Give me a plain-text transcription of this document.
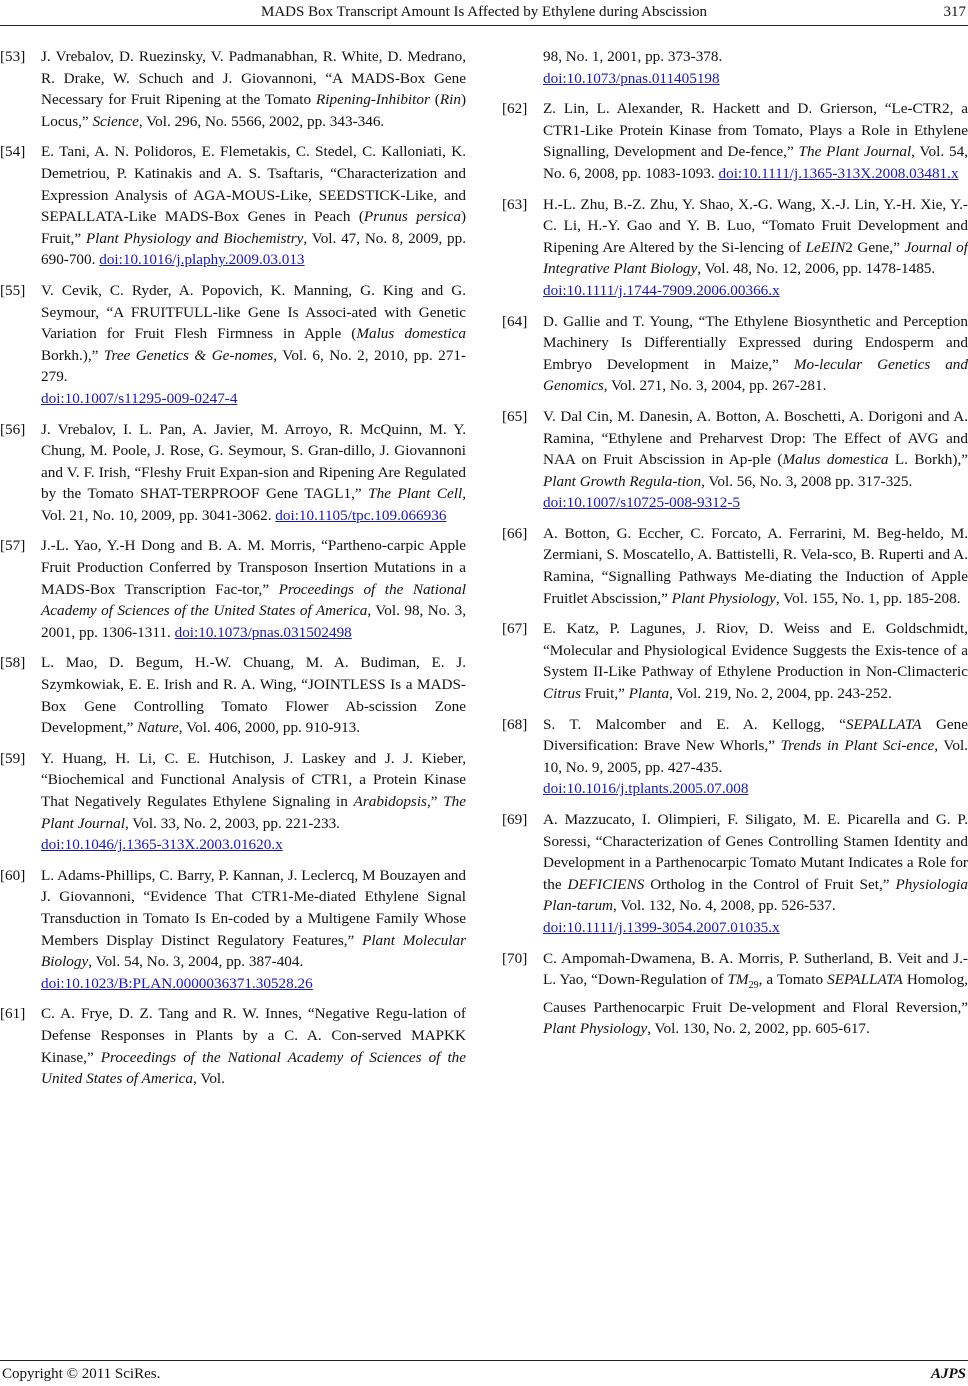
MADS Box Transcript Amount Is Affected by Ethylene during Abscission	317
[53] J. Vrebalov, D. Ruezinsky, V. Padmanabhan, R. White, D. Medrano, R. Drake, W. Schuch and J. Giovannoni, “A MADS-Box Gene Necessary for Fruit Ripening at the Tomato Ripening-Inhibitor (Rin) Locus,” Science, Vol. 296, No. 5566, 2002, pp. 343-346.
[54] E. Tani, A. N. Polidoros, E. Flemetakis, C. Stedel, C. Kalloniati, K. Demetriou, P. Katinakis and A. S. Tsaftaris, “Characterization and Expression Analysis of AGA-MOUS-Like, SEEDSTICK-Like, and SEPALLATA-Like MADS-Box Genes in Peach (Prunus persica) Fruit,” Plant Physiology and Biochemistry, Vol. 47, No. 8, 2009, pp. 690-700. doi:10.1016/j.plaphy.2009.03.013
[55] V. Cevik, C. Ryder, A. Popovich, K. Manning, G. King and G. Seymour, “A FRUITFULL-like Gene Is Associ-ated with Genetic Variation for Fruit Flesh Firmness in Apple (Malus domestica Borkh.),” Tree Genetics & Ge-nomes, Vol. 6, No. 2, 2010, pp. 271-279.
doi:10.1007/s11295-009-0247-4
[56] J. Vrebalov, I. L. Pan, A. Javier, M. Arroyo, R. McQuinn, M. Y. Chung, M. Poole, J. Rose, G. Seymour, S. Gran-dillo, J. Giovannoni and V. F. Irish, “Fleshy Fruit Expan-sion and Ripening Are Regulated by the Tomato SHAT-TERPROOF Gene TAGL1,” The Plant Cell, Vol. 21, No. 10, 2009, pp. 3041-3062. doi:10.1105/tpc.109.066936
[57] J.-L. Yao, Y.-H Dong and B. A. M. Morris, “Partheno-carpic Apple Fruit Production Conferred by Transposon Insertion Mutations in a MADS-Box Transcription Fac-tor,” Proceedings of the National Academy of Sciences of the United States of America, Vol. 98, No. 3, 2001, pp. 1306-1311. doi:10.1073/pnas.031502498
[58] L. Mao, D. Begum, H.-W. Chuang, M. A. Budiman, E. J. Szymkowiak, E. E. Irish and R. A. Wing, “JOINTLESS Is a MADS-Box Gene Controlling Tomato Flower Ab-scission Zone Development,” Nature, Vol. 406, 2000, pp. 910-913.
[59] Y. Huang, H. Li, C. E. Hutchison, J. Laskey and J. J. Kieber, “Biochemical and Functional Analysis of CTR1, a Protein Kinase That Negatively Regulates Ethylene Signaling in Arabidopsis,” The Plant Journal, Vol. 33, No. 2, 2003, pp. 221-233.
doi:10.1046/j.1365-313X.2003.01620.x
[60] L. Adams-Phillips, C. Barry, P. Kannan, J. Leclercq, M Bouzayen and J. Giovannoni, “Evidence That CTR1-Me-diated Ethylene Signal Transduction in Tomato Is En-coded by a Multigene Family Whose Members Display Distinct Regulatory Features,” Plant Molecular Biology, Vol. 54, No. 3, 2004, pp. 387-404.
doi:10.1023/B:PLAN.0000036371.30528.26
[61] C. A. Frye, D. Z. Tang and R. W. Innes, “Negative Regu-lation of Defense Responses in Plants by a C. A. Con-served MAPKK Kinase,” Proceedings of the National Academy of Sciences of the United States of America, Vol.
98, No. 1, 2001, pp. 373-378.
doi:10.1073/pnas.011405198
[62] Z. Lin, L. Alexander, R. Hackett and D. Grierson, “Le-CTR2, a CTR1-Like Protein Kinase from Tomato, Plays a Role in Ethylene Signalling, Development and De-fence,” The Plant Journal, Vol. 54, No. 6, 2008, pp. 1083-1093. doi:10.1111/j.1365-313X.2008.03481.x
[63] H.-L. Zhu, B.-Z. Zhu, Y. Shao, X.-G. Wang, X.-J. Lin, Y.-H. Xie, Y.-C. Li, H.-Y. Gao and Y. B. Luo, “Tomato Fruit Development and Ripening Are Altered by the Si-lencing of LeEIN2 Gene,” Journal of Integrative Plant Biology, Vol. 48, No. 12, 2006, pp. 1478-1485.
doi:10.1111/j.1744-7909.2006.00366.x
[64] D. Gallie and T. Young, “The Ethylene Biosynthetic and Perception Machinery Is Differentially Expressed during Endosperm and Embryo Development in Maize,” Mo-lecular Genetics and Genomics, Vol. 271, No. 3, 2004, pp. 267-281.
[65] V. Dal Cin, M. Danesin, A. Botton, A. Boschetti, A. Dorigoni and A. Ramina, “Ethylene and Preharvest Drop: The Effect of AVG and NAA on Fruit Abscission in Ap-ple (Malus domestica L. Borkh),” Plant Growth Regula-tion, Vol. 56, No. 3, 2008 pp. 317-325.
doi:10.1007/s10725-008-9312-5
[66] A. Botton, G. Eccher, C. Forcato, A. Ferrarini, M. Beg-heldo, M. Zermiani, S. Moscatello, A. Battistelli, R. Vela-sco, B. Ruperti and A. Ramina, “Signalling Pathways Me-diating the Induction of Apple Fruitlet Abscission,” Plant Physiology, Vol. 155, No. 1, pp. 185-208.
[67] E. Katz, P. Lagunes, J. Riov, D. Weiss and E. Goldschmidt, “Molecular and Physiological Evidence Suggests the Exis-tence of a System II-Like Pathway of Ethylene Production in Non-Climacteric Citrus Fruit,” Planta, Vol. 219, No. 2, 2004, pp. 243-252.
[68] S. T. Malcomber and E. A. Kellogg, “SEPALLATA Gene Diversification: Brave New Whorls,” Trends in Plant Sci-ence, Vol. 10, No. 9, 2005, pp. 427-435.
doi:10.1016/j.tplants.2005.07.008
[69] A. Mazzucato, I. Olimpieri, F. Siligato, M. E. Picarella and G. P. Soressi, “Characterization of Genes Controlling Stamen Identity and Development in a Parthenocarpic Tomato Mutant Indicates a Role for the DEFICIENS Ortholog in the Control of Fruit Set,” Physiologia Plan-tarum, Vol. 132, No. 4, 2008, pp. 526-537.
doi:10.1111/j.1399-3054.2007.01035.x
[70] C. Ampomah-Dwamena, B. A. Morris, P. Sutherland, B. Veit and J.-L. Yao, “Down-Regulation of $TM_{29}$, a Tomato SEPALLATA Homolog, Causes Parthenocarpic Fruit De-velopment and Floral Reversion,” Plant Physiology, Vol. 130, No. 2, 2002, pp. 605-617.
Copyright © 2011 SciRes.	AJPS
